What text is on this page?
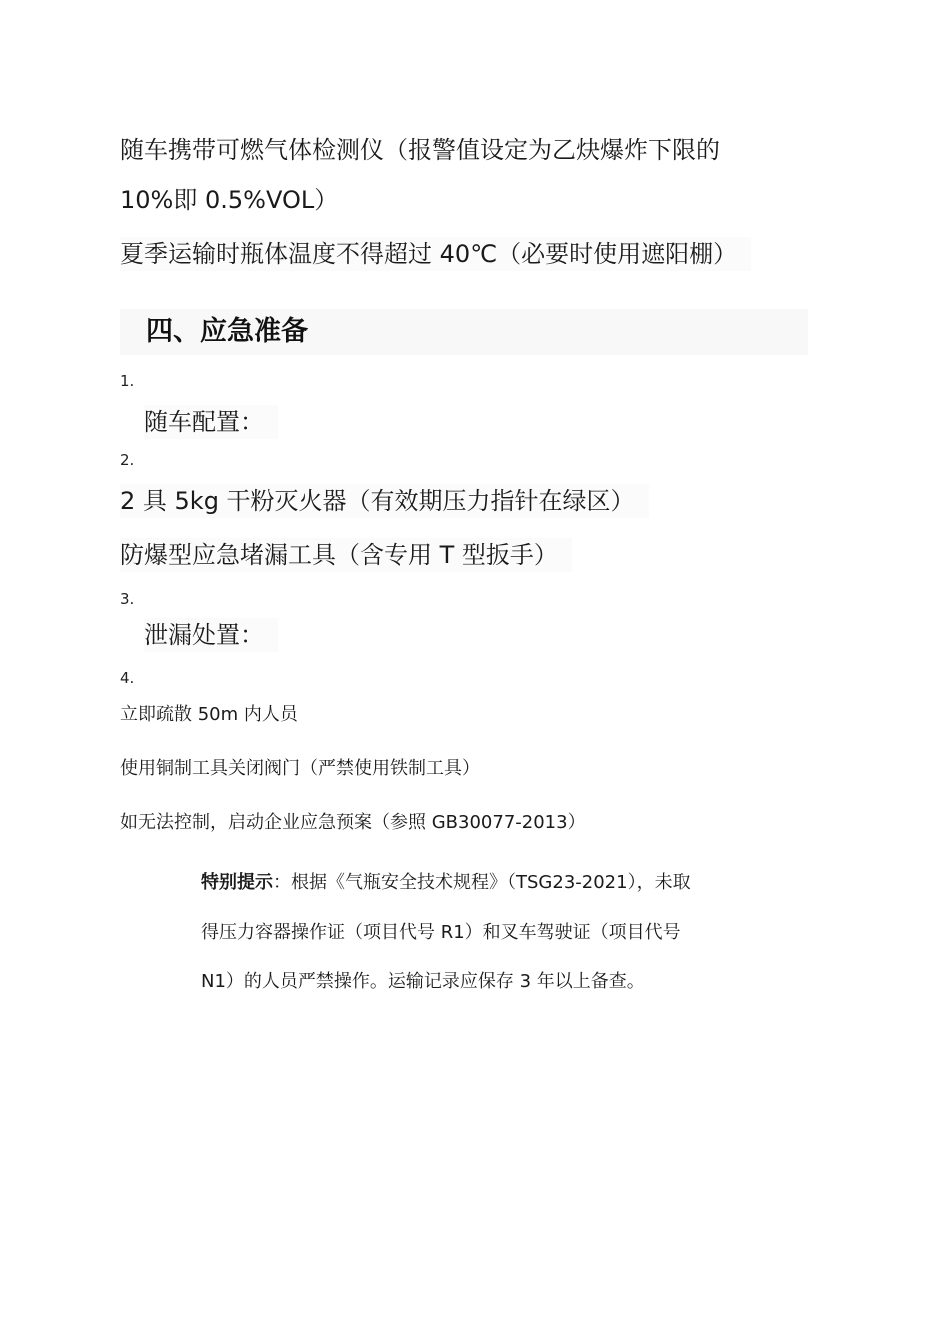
随车携带可燃气体检测仪（报警值设定为乙炔爆炸下限的
10%即 0.5%VOL）
夏季运输时瓶体温度不得超过 40℃（必要时使用遮阳棚）
四、应急准备
1.
随车配置：
2.
2 具 5kg 干粉灭火器（有效期压力指针在绿区）
防爆型应急堵漏工具（含专用 T 型扳手）
3.
泄漏处置：
4.
立即疏散 50m 内人员
使用铜制工具关闭阀门（严禁使用铁制工具）
如无法控制，启动企业应急预案（参照 GB30077-2013）
特别提示：根据《气瓶安全技术规程》（TSG23-2021），未取
得压力容器操作证（项目代号 R1）和叉车驾驶证（项目代号
N1）的人员严禁操作。运输记录应保存 3 年以上备查。
